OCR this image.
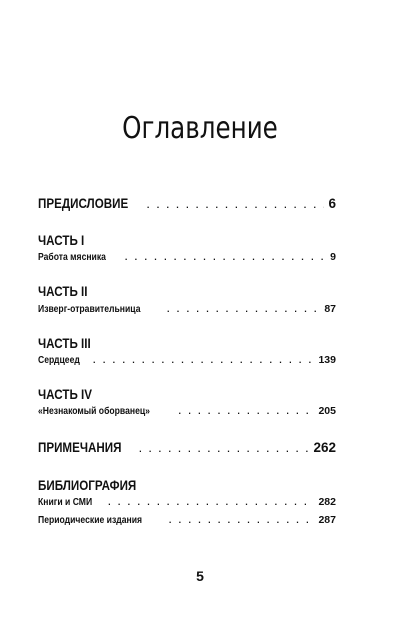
Оглавление
ПРЕДИСЛОВИЕ . . .	6
ЧАСТЬ I
Работа мясника . . .	9
ЧАСТЬ II
Изверг-отравительница . . .	87
ЧАСТЬ III
Сердцеед . . .	139
ЧАСТЬ IV
«Незнакомый оборванец» . . .	205
ПРИМЕЧАНИЯ . . .	262
БИБЛИОГРАФИЯ
Книги и СМИ . . .	282
Периодические издания . . .	287
5
